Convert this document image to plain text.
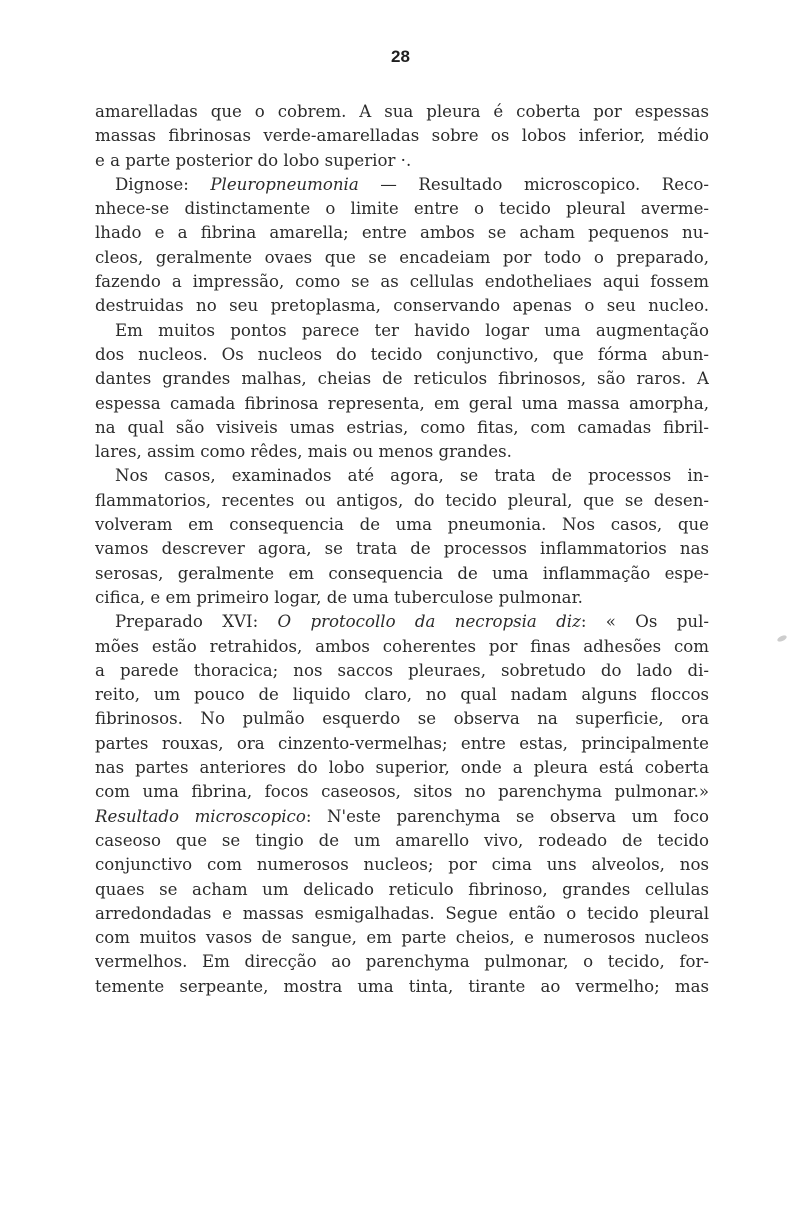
28
amarelladas que o cobrem. A sua pleura é coberta por espessas
massas fibrinosas verde-amarelladas sobre os lobos inferior, médio
e a parte posterior do lobo superior ·.
Dignose: Pleuropneumonia — Resultado microscopico. Reco-
nhece-se distinctamente o limite entre o tecido pleural averme-
lhado e a fibrina amarella; entre ambos se acham pequenos nu-
cleos, geralmente ovaes que se encadeiam por todo o preparado,
fazendo a impressão, como se as cellulas endotheliaes aqui fossem
destruidas no seu pretoplasma, conservando apenas o seu nucleo.
Em muitos pontos parece ter havido logar uma augmentação
dos nucleos. Os nucleos do tecido conjunctivo, que fórma abun-
dantes grandes malhas, cheias de reticulos fibrinosos, são raros. A
espessa camada fibrinosa representa, em geral uma massa amorpha,
na qual são visiveis umas estrias, como fitas, com camadas fibril-
lares, assim como rêdes, mais ou menos grandes.
Nos casos, examinados até agora, se trata de processos in-
flammatorios, recentes ou antigos, do tecido pleural, que se desen-
volveram em consequencia de uma pneumonia. Nos casos, que
vamos descrever agora, se trata de processos inflammatorios nas
serosas, geralmente em consequencia de uma inflammação espe-
cifica, e em primeiro logar, de uma tuberculose pulmonar.
Preparado XVI: O protocollo da necropsia diz: « Os pul-
mões estão retrahidos, ambos coherentes por finas adhesões com
a parede thoracica; nos saccos pleuraes, sobretudo do lado di-
reito, um pouco de liquido claro, no qual nadam alguns floccos
fibrinosos. No pulmão esquerdo se observa na superficie, ora
partes rouxas, ora cinzento-vermelhas; entre estas, principalmente
nas partes anteriores do lobo superior, onde a pleura está coberta
com uma fibrina, focos caseosos, sitos no parenchyma pulmonar.»
Resultado microscopico: N'este parenchyma se observa um foco
caseoso que se tingio de um amarello vivo, rodeado de tecido
conjunctivo com numerosos nucleos; por cima uns alveolos, nos
quaes se acham um delicado reticulo fibrinoso, grandes cellulas
arredondadas e massas esmigalhadas. Segue então o tecido pleural
com muitos vasos de sangue, em parte cheios, e numerosos nucleos
vermelhos. Em direcção ao parenchyma pulmonar, o tecido, for-
temente serpeante, mostra uma tinta, tirante ao vermelho; mas
